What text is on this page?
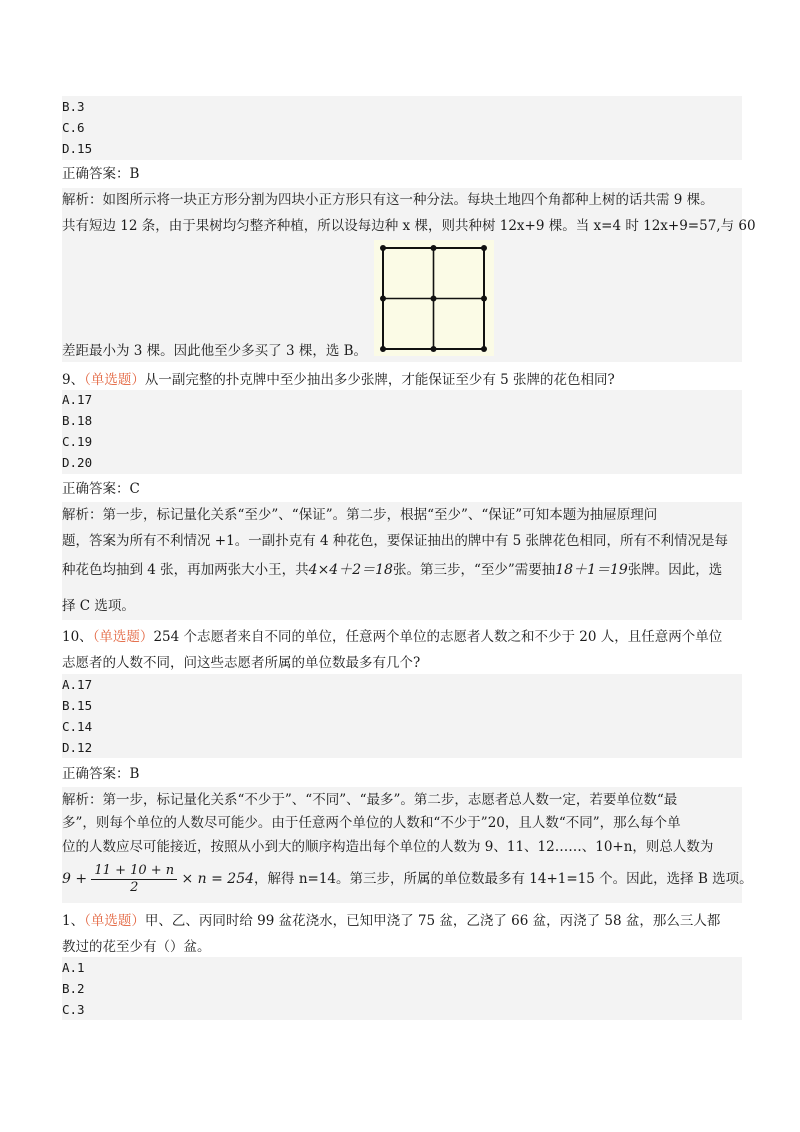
B.3
C.6
D.15
正确答案：B
解析：如图所示将一块正方形分割为四块小正方形只有这一种分法。每块土地四个角都种上树的话共需 9 棵。
共有短边 12 条，由于果树均匀整齐种植，所以设每边种 x 棵，则共种树 12x+9 棵。当 x=4 时 12x+9=57,与 60
差距最小为 3 棵。因此他至少多买了 3 棵，选 B。
9、（单选题）从一副完整的扑克牌中至少抽出多少张牌，才能保证至少有 5 张牌的花色相同?
A.17
B.18
C.19
D.20
正确答案：C
解析：第一步，标记量化关系“至少”、“保证”。第二步，根据“至少”、“保证”可知本题为抽屉原理问
题，答案为所有不利情况 +1。一副扑克有 4 种花色，要保证抽出的牌中有 5 张牌花色相同，所有不利情况是每
种花色均抽到 4 张，再加两张大小王，共4×4＋2＝18张。第三步，“至少”需要抽18＋1＝19张牌。因此，选
择 C 选项。
10、（单选题）254 个志愿者来自不同的单位，任意两个单位的志愿者人数之和不少于 20 人，且任意两个单位
志愿者的人数不同，问这些志愿者所属的单位数最多有几个?
A.17
B.15
C.14
D.12
正确答案：B
解析：第一步，标记量化关系“不少于”、“不同”、“最多”。第二步，志愿者总人数一定，若要单位数“最
多”，则每个单位的人数尽可能少。由于任意两个单位的人数和“不少于”20，且人数“不同”，那么每个单
位的人数应尽可能接近，按照从小到大的顺序构造出每个单位的人数为 9、11、12……、10+n，则总人数为
$9 + \frac{11 + 10 + n}{2} \times n = 254$，解得 n=14。第三步，所属的单位数最多有 14+1=15 个。因此，选择 B 选项。
1、（单选题）甲、乙、丙同时给 99 盆花浇水，已知甲浇了 75 盆，乙浇了 66 盆，丙浇了 58 盆，那么三人都
教过的花至少有（）盆。
A.1
B.2
C.3
